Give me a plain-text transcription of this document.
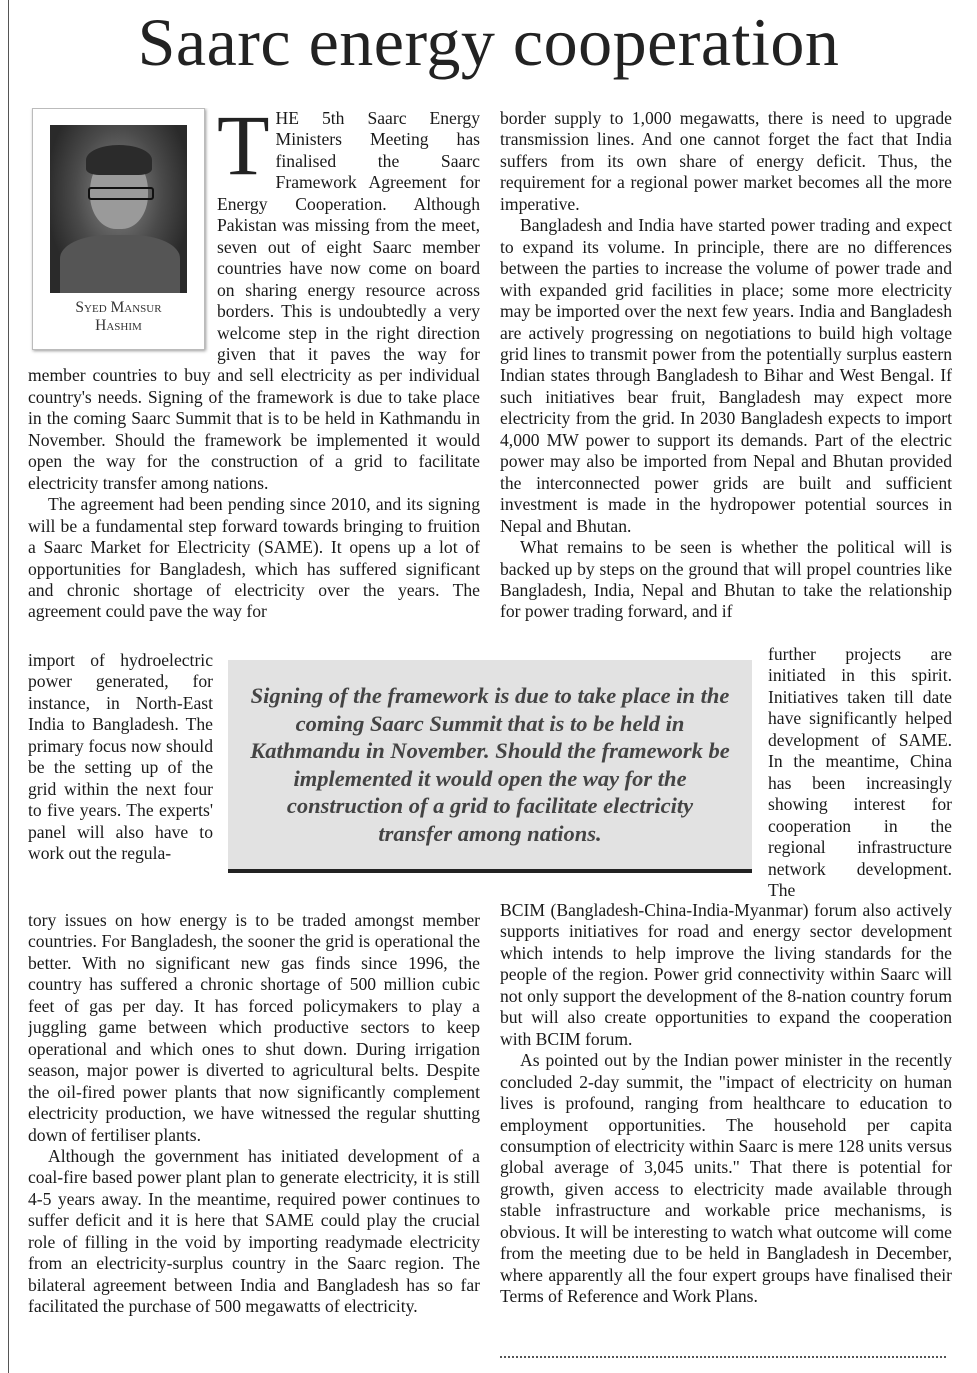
Saarc energy cooperation
Syed Mansur
Hashim
T HE 5th Saarc Energy Ministers Meeting has finalised the Saarc Framework Agreement for Energy Cooperation. Although Pakistan was missing from the meet, seven out of eight Saarc member countries have now come on board on sharing energy resource across borders. This is undoubtedly a very welcome step in the right direction given that it paves the way for member countries to buy and sell electricity as per individual country's needs. Signing of the framework is due to take place in the coming Saarc Summit that is to be held in Kathmandu in November. Should the framework be implemented it would open the way for the construction of a grid to facilitate electricity transfer among nations.

The agreement had been pending since 2010, and its signing will be a fundamental step forward towards bringing to fruition a Saarc Market for Electricity (SAME). It opens up a lot of opportunities for Bangladesh, which has suffered significant and chronic shortage of electricity over the years. The agreement could pave the way for

import of hydroelectric power generated, for instance, in North-East India to Bangladesh. The primary focus now should be the setting up of the grid within the next four to five years. The experts' panel will also have to work out the regula-

tory issues on how energy is to be traded amongst member countries. For Bangladesh, the sooner the grid is operational the better. With no significant new gas finds since 1996, the country has suffered a chronic shortage of 500 million cubic feet of gas per day. It has forced policymakers to play a juggling game between which productive sectors to keep operational and which ones to shut down. During irrigation season, major power is diverted to agricultural belts. Despite the oil-fired power plants that now significantly complement electricity production, we have witnessed the regular shutting down of fertiliser plants.

Although the government has initiated development of a coal-fire based power plant plan to generate electricity, it is still 4-5 years away. In the meantime, required power continues to suffer deficit and it is here that SAME could play the crucial role of filling in the void by importing readymade electricity from an electricity-surplus country in the Saarc region. The bilateral agreement between India and Bangladesh has so far facilitated the purchase of 500 megawatts of electricity.

border supply to 1,000 megawatts, there is need to upgrade transmission lines. And one cannot forget the fact that India suffers from its own share of energy deficit. Thus, the requirement for a regional power market becomes all the more imperative.

Bangladesh and India have started power trading and expect to expand its volume. In principle, there are no differences between the parties to increase the volume of power trade and with expanded grid facilities in place; some more electricity may be imported over the next few years. India and Bangladesh are actively progressing on negotiations to build high voltage grid lines to transmit power from the potentially surplus eastern Indian states through Bangladesh to Bihar and West Bengal. If such initiatives bear fruit, Bangladesh may expect more electricity from the grid. In 2030 Bangladesh expects to import 4,000 MW power to support its demands. Part of the electric power may also be imported from Nepal and Bhutan provided the interconnected power grids are built and sufficient investment is made in the hydropower potential sources in Nepal and Bhutan.

What remains to be seen is whether the political will is backed up by steps on the ground that will propel countries like Bangladesh, India, Nepal and Bhutan to take the relationship for power trading forward, and if

further projects are initiated in this spirit. Initiatives taken till date have significantly helped development of SAME. In the meantime, China has been increasingly showing interest for cooperation in the regional infrastructure network development. The

BCIM (Bangladesh-China-India-Myanmar) forum also actively supports initiatives for road and energy sector development which intends to help improve the living standards for the people of the region. Power grid connectivity within Saarc will not only support the development of the 8-nation country forum but will also create opportunities to expand the cooperation with BCIM forum.

As pointed out by the Indian power minister in the recently concluded 2-day summit, the "impact of electricity on human lives is profound, ranging from healthcare to education to employment opportunities. The household per capita consumption of electricity within Saarc is mere 128 units versus global average of 3,045 units." That there is potential for growth, given access to electricity made available through stable infrastructure and workable price mechanisms, is obvious. It will be interesting to watch what outcome will come from the meeting due to be held in Bangladesh in December, where apparently all the four expert groups have finalised their Terms of Reference and Work Plans.

Signing of the framework is due to take place in the coming Saarc Summit that is to be held in Kathmandu in November. Should the framework be implemented it would open the way for the construction of a grid to facilitate electricity transfer among nations.
